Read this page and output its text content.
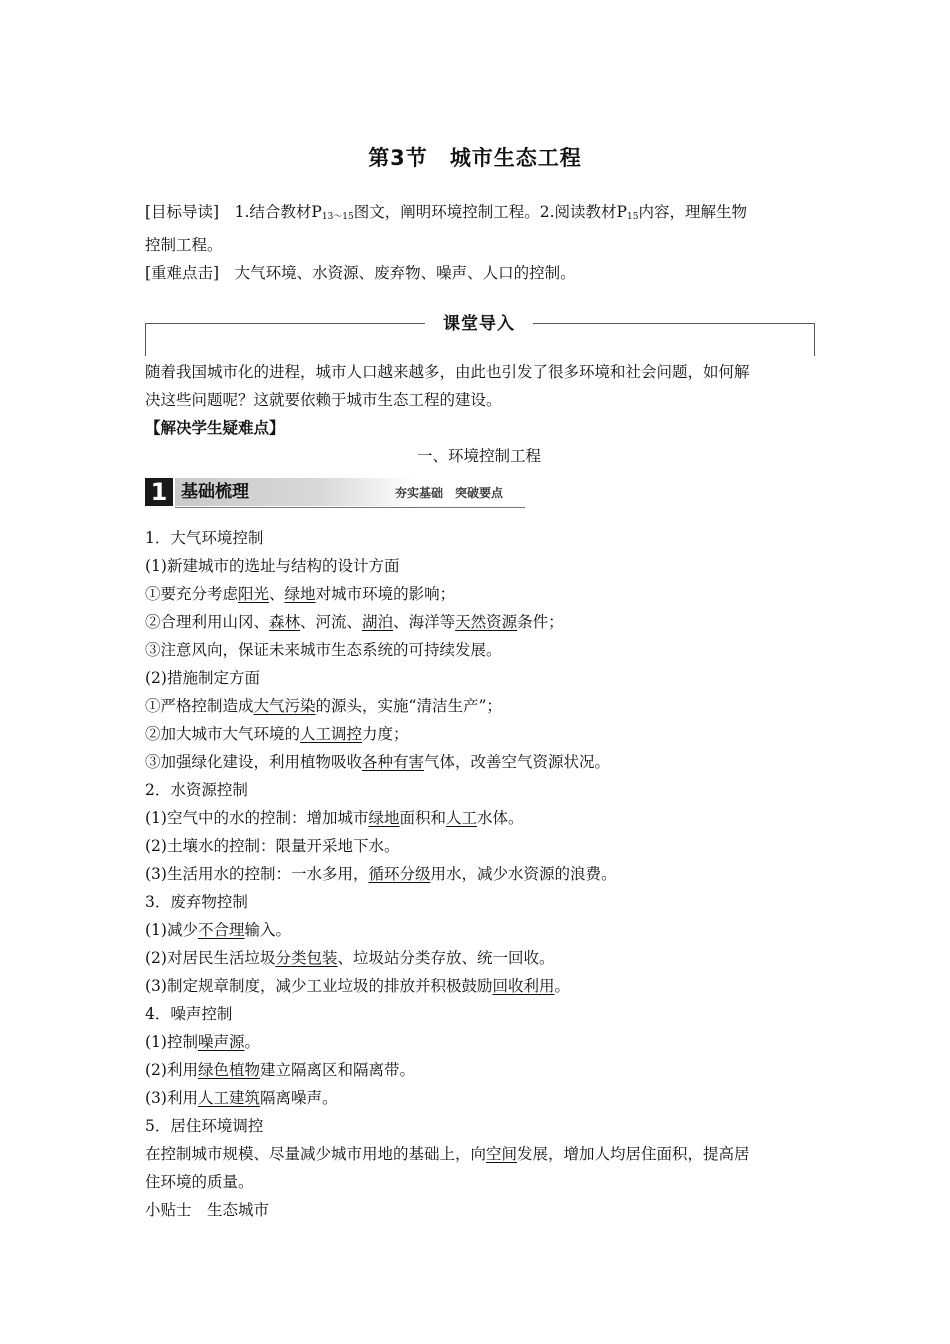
第3节 城市生态工程
[目标导读]　 1.结合教材$P_{13\sim 15}$图文，阐明环境控制工程。2.阅读教材$P_{15}$内容，理解生物
控制工程。
[重难点击]　 大气环境、水资源、废弃物、噪声、人口的控制。
课堂导入
随着我国城市化的进程，城市人口越来越多，由此也引发了很多环境和社会问题，如何解
决这些问题呢？这就要依赖于城市生态工程的建设。
【解决学生疑难点】
一、环境控制工程
1 基础梳理	夯实基础　突破要点
1．大气环境控制
(1)新建城市的选址与结构的设计方面
①要充分考虑阳光、绿地对城市环境的影响；
②合理利用山冈、森林、河流、湖泊、海洋等天然资源条件；
③注意风向，保证未来城市生态系统的可持续发展。
(2)措施制定方面
①严格控制造成大气污染的源头，实施“清洁生产”；
②加大城市大气环境的人工调控力度；
③加强绿化建设，利用植物吸收各种有害气体，改善空气资源状况。
2．水资源控制
(1)空气中的水的控制：增加城市绿地面积和人工水体。
(2)土壤水的控制：限量开采地下水。
(3)生活用水的控制：一水多用，循环分级用水，减少水资源的浪费。
3．废弃物控制
(1)减少不合理输入。
(2)对居民生活垃圾分类包装、垃圾站分类存放、统一回收。
(3)制定规章制度，减少工业垃圾的排放并积极鼓励回收利用。
4．噪声控制
(1)控制噪声源。
(2)利用绿色植物建立隔离区和隔离带。
(3)利用人工建筑隔离噪声。
5．居住环境调控
在控制城市规模、尽量减少城市用地的基础上，向空间发展，增加人均居住面积，提高居
住环境的质量。
小贴士　生态城市
